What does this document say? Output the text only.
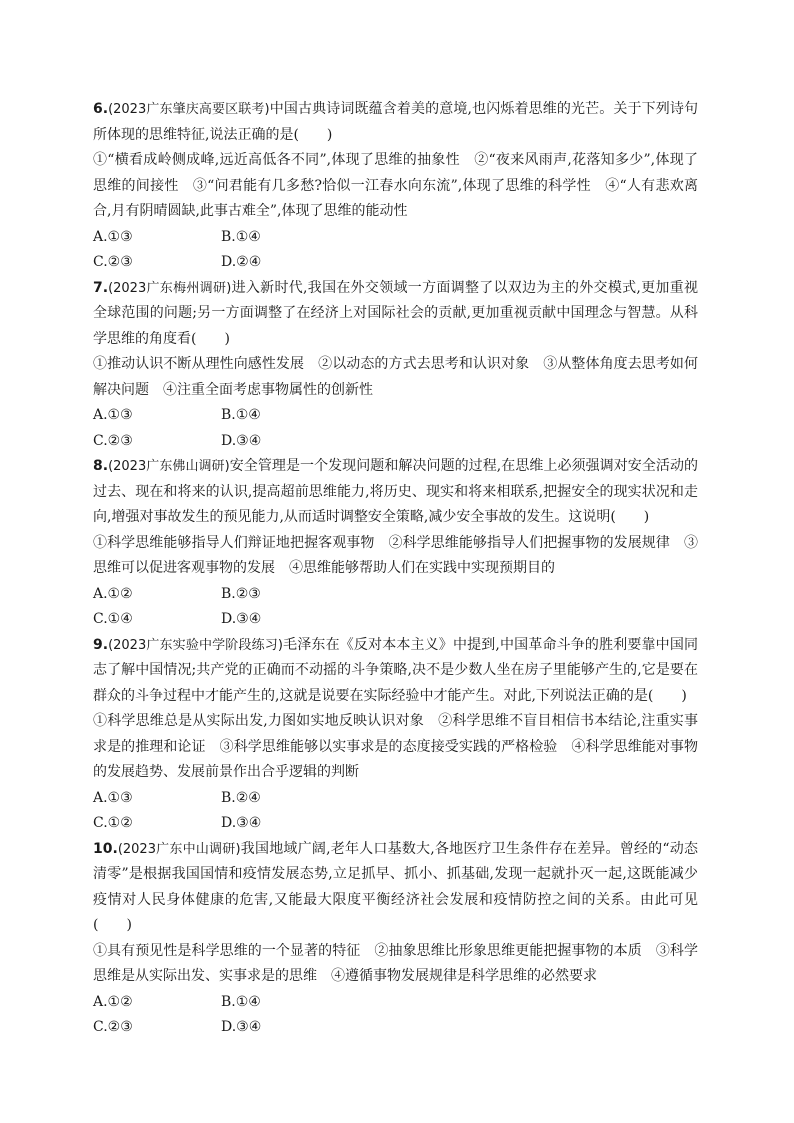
6.(2023广东肇庆高要区联考)中国古典诗词既蕴含着美的意境,也闪烁着思维的光芒。关于下列诗句所体现的思维特征,说法正确的是(　　)

①“横看成岭侧成峰,远近高低各不同”,体现了思维的抽象性　②“夜来风雨声,花落知多少”,体现了思维的间接性　③“问君能有几多愁?恰似一江春水向东流”,体现了思维的科学性　④“人有悲欢离合,月有阴晴圆缺,此事古难全”,体现了思维的能动性

A.①③	B.①④
C.②③	D.②④

7.(2023广东梅州调研)进入新时代,我国在外交领域一方面调整了以双边为主的外交模式,更加重视全球范围的问题;另一方面调整了在经济上对国际社会的贡献,更加重视贡献中国理念与智慧。从科学思维的角度看(　　)

①推动认识不断从理性向感性发展　②以动态的方式去思考和认识对象　③从整体角度去思考如何解决问题　④注重全面考虑事物属性的创新性

A.①③	B.①④
C.②③	D.③④

8.(2023广东佛山调研)安全管理是一个发现问题和解决问题的过程,在思维上必须强调对安全活动的过去、现在和将来的认识,提高超前思维能力,将历史、现实和将来相联系,把握安全的现实状况和走向,增强对事故发生的预见能力,从而适时调整安全策略,减少安全事故的发生。这说明(　　)

①科学思维能够指导人们辩证地把握客观事物　②科学思维能够指导人们把握事物的发展规律　③思维可以促进客观事物的发展　④思维能够帮助人们在实践中实现预期目的

A.①②	B.②③
C.①④	D.③④

9.(2023广东实验中学阶段练习)毛泽东在《反对本本主义》中提到,中国革命斗争的胜利要靠中国同志了解中国情况;共产党的正确而不动摇的斗争策略,决不是少数人坐在房子里能够产生的,它是要在群众的斗争过程中才能产生的,这就是说要在实际经验中才能产生。对此,下列说法正确的是(　　)

①科学思维总是从实际出发,力图如实地反映认识对象　②科学思维不盲目相信书本结论,注重实事求是的推理和论证　③科学思维能够以实事求是的态度接受实践的严格检验　④科学思维能对事物的发展趋势、发展前景作出合乎逻辑的判断

A.①③	B.②④
C.①②	D.③④

10.(2023广东中山调研)我国地域广阔,老年人口基数大,各地医疗卫生条件存在差异。曾经的“动态清零”是根据我国国情和疫情发展态势,立足抓早、抓小、抓基础,发现一起就扑灭一起,这既能减少疫情对人民身体健康的危害,又能最大限度平衡经济社会发展和疫情防控之间的关系。由此可见(　　)

①具有预见性是科学思维的一个显著的特征　②抽象思维比形象思维更能把握事物的本质　③科学思维是从实际出发、实事求是的思维　④遵循事物发展规律是科学思维的必然要求

A.①②	B.①④
C.②③	D.③④
